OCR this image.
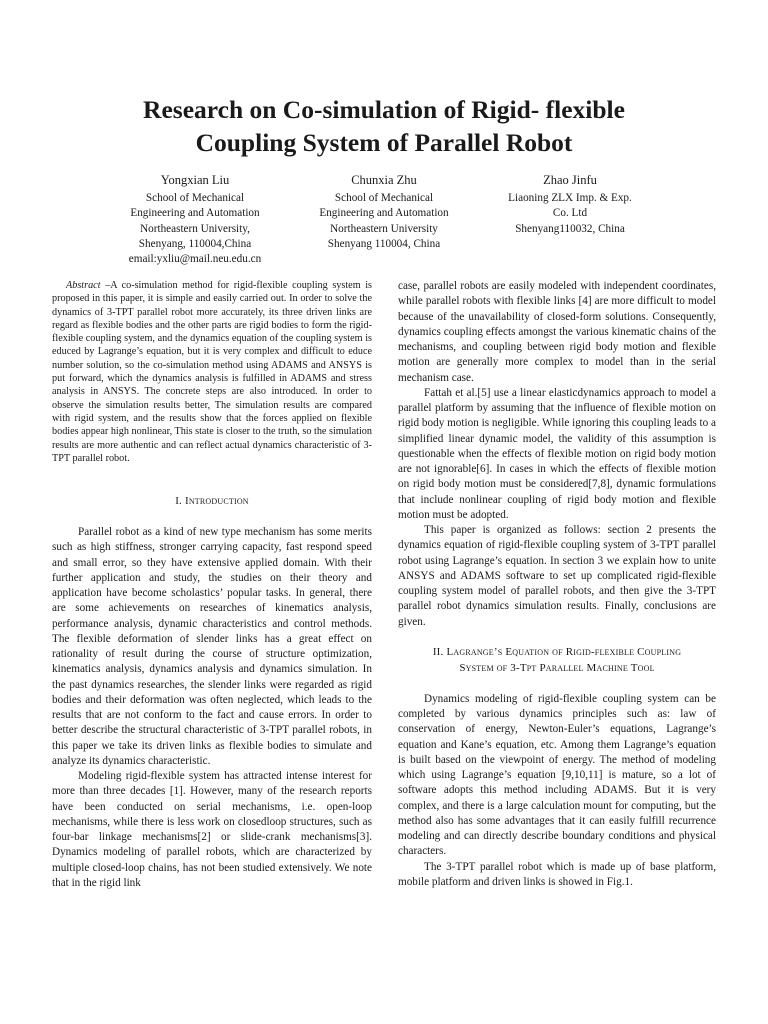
Research on Co-simulation of Rigid- flexible
Coupling System of Parallel Robot
Yongxian Liu
School of Mechanical
Engineering and Automation
Northeastern University,
Shenyang, 110004,China
email:yxliu@mail.neu.edu.cn
Chunxia Zhu
School of Mechanical
Engineering and Automation
Northeastern University
Shenyang 110004, China
Zhao Jinfu
Liaoning ZLX Imp. & Exp.
Co. Ltd
Shenyang110032, China
Abstract –A co-simulation method for rigid-flexible coupling system is proposed in this paper, it is simple and easily carried out. In order to solve the dynamics of 3-TPT parallel robot more accurately, its three driven links are regard as flexible bodies and the other parts are rigid bodies to form the rigid-flexible coupling system, and the dynamics equation of the coupling system is educed by Lagrange’s equation, but it is very complex and difficult to educe number solution, so the co-simulation method using ADAMS and ANSYS is put forward, which the dynamics analysis is fulfilled in ADAMS and stress analysis in ANSYS. The concrete steps are also introduced. In order to observe the simulation results better, The simulation results are compared with rigid system, and the results show that the forces applied on flexible bodies appear high nonlinear, This state is closer to the truth, so the simulation results are more authentic and can reflect actual dynamics characteristic of 3-TPT parallel robot.
I. Introduction
Parallel robot as a kind of new type mechanism has some merits such as high stiffness, stronger carrying capacity, fast respond speed and small error, so they have extensive applied domain. With their further application and study, the studies on their theory and application have become scholastics’ popular tasks. In general, there are some achievements on researches of kinematics analysis, performance analysis, dynamic characteristics and control methods. The flexible deformation of slender links has a great effect on rationality of result during the course of structure optimization, kinematics analysis, dynamics analysis and dynamics simulation. In the past dynamics researches, the slender links were regarded as rigid bodies and their deformation was often neglected, which leads to the results that are not conform to the fact and cause errors. In order to better describe the structural characteristic of 3-TPT parallel robots, in this paper we take its driven links as flexible bodies to simulate and analyze its dynamics characteristic.
Modeling rigid-flexible system has attracted intense interest for more than three decades [1]. However, many of the research reports have been conducted on serial mechanisms, i.e. open-loop mechanisms, while there is less work on closedloop structures, such as four-bar linkage mechanisms[2] or slide-crank mechanisms[3]. Dynamics modeling of parallel robots, which are characterized by multiple closed-loop chains, has not been studied extensively. We note that in the rigid link
case, parallel robots are easily modeled with independent coordinates, while parallel robots with flexible links [4] are more difficult to model because of the unavailability of closed-form solutions. Consequently, dynamics coupling effects amongst the various kinematic chains of the mechanisms, and coupling between rigid body motion and flexible motion are generally more complex to model than in the serial mechanism case.
Fattah et al.[5] use a linear elasticdynamics approach to model a parallel platform by assuming that the influence of flexible motion on rigid body motion is negligible. While ignoring this coupling leads to a simplified linear dynamic model, the validity of this assumption is questionable when the effects of flexible motion on rigid body motion are not ignorable[6]. In cases in which the effects of flexible motion on rigid body motion must be considered[7,8], dynamic formulations that include nonlinear coupling of rigid body motion and flexible motion must be adopted.
This paper is organized as follows: section 2 presents the dynamics equation of rigid-flexible coupling system of 3-TPT parallel robot using Lagrange’s equation. In section 3 we explain how to unite ANSYS and ADAMS software to set up complicated rigid-flexible coupling system model of parallel robots, and then give the 3-TPT parallel robot dynamics simulation results. Finally, conclusions are given.
II. Lagrange’s Equation of Rigid-flexible Coupling
System of 3-Tpt Parallel Machine Tool
Dynamics modeling of rigid-flexible coupling system can be completed by various dynamics principles such as: law of conservation of energy, Newton-Euler’s equations, Lagrange’s equation and Kane’s equation, etc. Among them Lagrange’s equation is built based on the viewpoint of energy. The method of modeling which using Lagrange’s equation [9,10,11] is mature, so a lot of software adopts this method including ADAMS. But it is very complex, and there is a large calculation mount for computing, but the method also has some advantages that it can easily fulfill recurrence modeling and can directly describe boundary conditions and physical characters.
The 3-TPT parallel robot which is made up of base platform, mobile platform and driven links is showed in Fig.1.
